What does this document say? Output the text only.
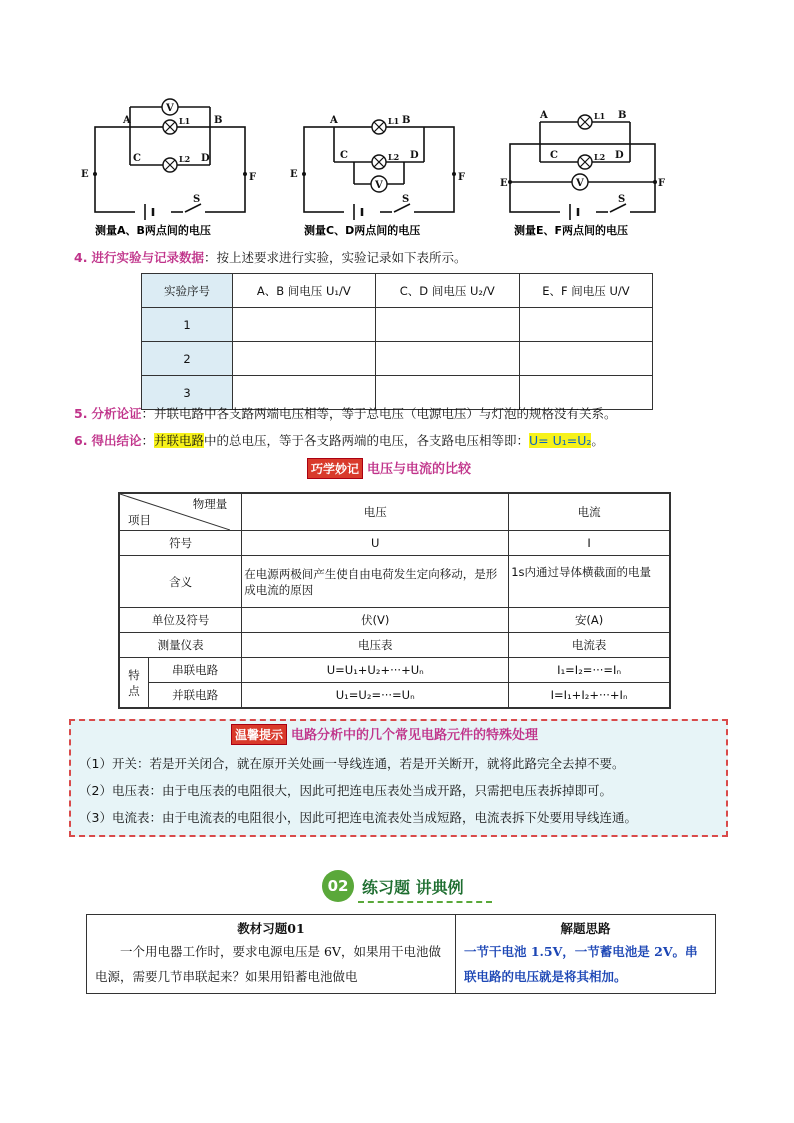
V
A	B
L1
C	D
L2
E	F
S
测量A、B两点间的电压
V
A	B
L1
C	D
L2
E	F
S
测量C、D两点间的电压
V
A	B
L1
C	D
L2
E	F
S
测量E、F两点间的电压
4. 进行实验与记录数据：按上述要求进行实验，实验记录如下表所示。
实验序号	A、B 间电压 U₁/V	C、D 间电压 U₂/V	E、F 间电压 U/V
1			
2			
3			
5. 分析论证：并联电路中各支路两端电压相等，等于总电压（电源电压）与灯泡的规格没有关系。
6. 得出结论：并联电路中的总电压，等于各支路两端的电压，各支路电压相等即：U= U₁=U₂。
巧学妙记 电压与电流的比较
物理量
项目		电压	电流
符号		U	I
含义		在电源两极间产生使自由电荷发生定向移动，是形成电流的原因	1s内通过导体横截面的电量
单位及符号		伏(V)	安(A)
测量仪表		电压表	电流表
特
点	串联电路	U=U₁+U₂+···+Uₙ	I₁=I₂=···=Iₙ
	并联电路	U₁=U₂=···=Uₙ	I=I₁+I₂+···+Iₙ
温馨提示 电路分析中的几个常见电路元件的特殊处理
（1）开关：若是开关闭合，就在原开关处画一导线连通，若是开关断开，就将此路完全去掉不要。
（2）电压表：由于电压表的电阻很大，因此可把连电压表处当成开路，只需把电压表拆掉即可。
（3）电流表：由于电流表的电阻很小，因此可把连电流表处当成短路，电流表拆下处要用导线连通。
02 练习题 讲典例
教材习题01
一个用电器工作时，要求电源电压是 6V，如果用干电池做电源，需要几节串联起来？如果用铅蓄电池做电

解题思路
一节干电池 1.5V，一节蓄电池是 2V。串联电路的电压就是将其相加。
